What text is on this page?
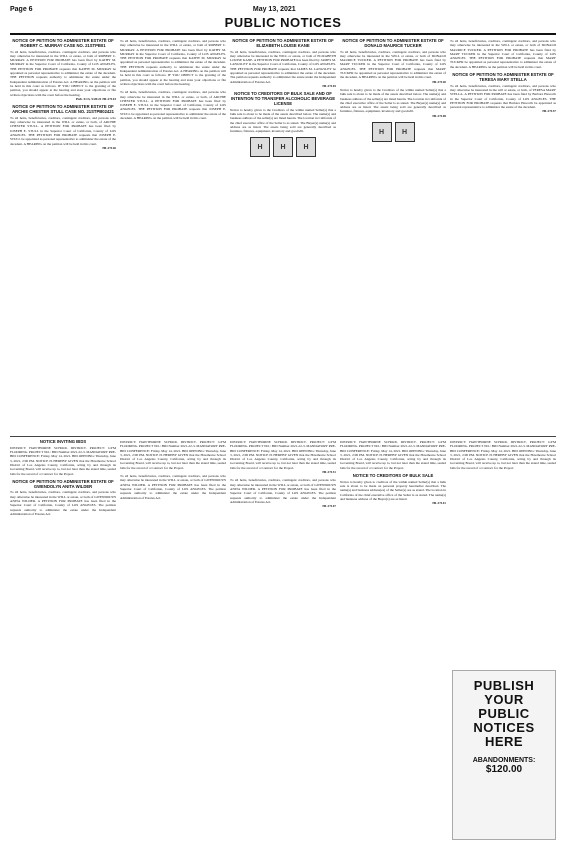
Page 6	May 13, 2021
PUBLIC NOTICES
NOTICE OF PETITION TO ADMINISTER ESTATE OF ROBERT C. MURRAY CASE NO. 21STPB01
To all heirs, beneficiaries, creditors, contingent creditors, and persons who may otherwise be interested in the WILL or estate, or both of ROBERT C. MURRAY. A PETITION FOR PROBATE has been filed by KATHY M. MURRAY in the Superior Court of California, County of LOS ANGELES. THE PETITION FOR PROBATE requests that KATHY M. MURRAY be appointed as personal representative to administer the estate of the decedent. THE PETITION requests authority to administer the estate under the Independent Administration of Estates Act. A HEARING on the petition will be held in this court as follows. IF YOU OBJECT to the granting of the petition, you should appear at the hearing and state your objections or file written objections with the court before the hearing.
Pub. 5/13, 5/20/21 HI-27143
NOTICE OF PETITION TO ADMINISTER ESTATE OF ARCHIE CHESTER STULL CASE NO. 21STPB02421
To all heirs, beneficiaries, creditors, contingent creditors, and persons who may otherwise be interested in the WILL or estate, or both, of ARCHIE CHESTER STULL. A PETITION FOR PROBATE has been filed by JOSEPH E. STULL in the Superior Court of California, County of LOS ANGELES. THE PETITION FOR PROBATE requests that JOSEPH E. STULL be appointed as personal representative to administer the estate of the decedent. A HEARING on the petition will be held in this court.
HI-27126
To all heirs, beneficiaries, creditors, contingent creditors, and persons who may otherwise be interested in the WILL or estate, or both of ROBERT C. MURRAY. A PETITION FOR PROBATE has been filed by KATHY M. MURRAY in the Superior Court of California, County of LOS ANGELES. THE PETITION FOR PROBATE requests that KATHY M. MURRAY be appointed as personal representative to administer the estate of the decedent. THE PETITION requests authority to administer the estate under the Independent Administration of Estates Act. A HEARING on the petition will be held in this court as follows. IF YOU OBJECT to the granting of the petition, you should appear at the hearing and state your objections or file written objections with the court before the hearing.
To all heirs, beneficiaries, creditors, contingent creditors, and persons who may otherwise be interested in the WILL or estate, or both, of ARCHIE CHESTER STULL. A PETITION FOR PROBATE has been filed by JOSEPH E. STULL in the Superior Court of California, County of LOS ANGELES. THE PETITION FOR PROBATE requests that JOSEPH E. STULL be appointed as personal representative to administer the estate of the decedent. A HEARING on the petition will be held in this court.
NOTICE OF PETITION TO ADMINISTER ESTATE OF ELIZABETH LOUISE KANE
To all heirs, beneficiaries, creditors, contingent creditors, and persons who may otherwise be interested in the WILL or estate, or both of ELIZABETH LOUISE KANE. A PETITION FOR PROBATE has been filed by JAMES M. LANGSLEY in the Superior Court of California, County of LOS ANGELES. THE PETITION FOR PROBATE requests that JAMES M. LANGSLEY be appointed as personal representative to administer the estate of the decedent. The petition requests authority to administer the estate under the Independent Administration of Estates Act.
HI-27145
NOTICE TO CREDITORS OF BULK SALE AND OF INTENTION TO TRANSFER ALCOHOLIC BEVERAGE LICENSE
Notice is hereby given to the Creditors of the within named Seller(s) that a bulk sale is about to be made of the assets described below. The name(s) and business address of the seller(s) are listed herein. The location in California of the chief executive office of the Seller is as stated. The Buyer(s) name(s) and address are as listed. The assets being sold are generally described as furniture, fixtures, equipment, inventory and goodwill.
H	H	H
NOTICE OF PETITION TO ADMINISTER ESTATE OF DONALD MAURICE TUCKER
To all heirs, beneficiaries, creditors, contingent creditors, and persons who may otherwise be interested in the WILL or estate, or both of DONALD MAURICE TUCKER. A PETITION FOR PROBATE has been filed by MARY TUCKER in the Superior Court of California, County of LOS ANGELES. THE PETITION FOR PROBATE requests that MARY TUCKER be appointed as personal representative to administer the estate of the decedent. A HEARING on the petition will be held in this court.
HI-27120
Notice is hereby given to the Creditors of the within named Seller(s) that a bulk sale is about to be made of the assets described below. The name(s) and business address of the seller(s) are listed herein. The location in California of the chief executive office of the Seller is as stated. The Buyer(s) name(s) and address are as listed. The assets being sold are generally described as furniture, fixtures, equipment, inventory and goodwill.
HI-27148
H	H
To all heirs, beneficiaries, creditors, contingent creditors, and persons who may otherwise be interested in the WILL or estate, or both of DONALD MAURICE TUCKER. A PETITION FOR PROBATE has been filed by MARY TUCKER in the Superior Court of California, County of LOS ANGELES. THE PETITION FOR PROBATE requests that MARY TUCKER be appointed as personal representative to administer the estate of the decedent. A HEARING on the petition will be held in this court.
NOTICE OF PETITION TO ADMINISTER ESTATE OF TERESA MARY STELLA
To all heirs, beneficiaries, creditors, contingent creditors, and persons who may otherwise be interested in the will or estate, or both, of TERESA MARY STELLA. A PETITION FOR PROBATE has been filed by Barbara Haworth in the Superior Court of California, County of LOS ANGELES. THE PETITION FOR PROBATE requests that Barbara Haworth be appointed as personal representative to administer the estate of the decedent.
HI-27137
NOTICE INVITING BIDS
DISTRICT: HAWTHORNE SCHOOL DISTRICT. PROJECT: GYM FLOORING. PROJECT NO.: BID Number 2021-22-3. MANDATORY PRE-BID CONFERENCE: Friday, May 14, 2021. BID OPENING: Thursday, June 3, 2021, 2:00 PM. NOTICE IS HEREBY GIVEN that the Hawthorne School District of Los Angeles County, California, acting by and through its Governing Board, will receive up to, but not later than the stated time, sealed bids for the award of a Contract for the Project.
NOTICE OF PETITION TO ADMINISTER ESTATE OF GWENDOLYN ANITA WILDER
To all heirs, beneficiaries, creditors, contingent creditors, and persons who may otherwise be interested in the WILL or estate, or both of GWENDOLYN ANITA WILDER. A PETITION FOR PROBATE has been filed in the Superior Court of California, County of LOS ANGELES. The petition requests authority to administer the estate under the Independent Administration of Estates Act.
DISTRICT: HAWTHORNE SCHOOL DISTRICT. PROJECT: GYM FLOORING. PROJECT NO.: BID Number 2021-22-3. MANDATORY PRE-BID CONFERENCE: Friday, May 14, 2021. BID OPENING: Thursday, June 3, 2021, 2:00 PM. NOTICE IS HEREBY GIVEN that the Hawthorne School District of Los Angeles County, California, acting by and through its Governing Board, will receive up to, but not later than the stated time, sealed bids for the award of a Contract for the Project.
To all heirs, beneficiaries, creditors, contingent creditors, and persons who may otherwise be interested in the WILL or estate, or both of GWENDOLYN ANITA WILDER. A PETITION FOR PROBATE has been filed in the Superior Court of California, County of LOS ANGELES. The petition requests authority to administer the estate under the Independent Administration of Estates Act.
DISTRICT: HAWTHORNE SCHOOL DISTRICT. PROJECT: GYM FLOORING. PROJECT NO.: BID Number 2021-22-3. MANDATORY PRE-BID CONFERENCE: Friday, May 14, 2021. BID OPENING: Thursday, June 3, 2021, 2:00 PM. NOTICE IS HEREBY GIVEN that the Hawthorne School District of Los Angeles County, California, acting by and through its Governing Board, will receive up to, but not later than the stated time, sealed bids for the award of a Contract for the Project.
HI-27131
To all heirs, beneficiaries, creditors, contingent creditors, and persons who may otherwise be interested in the WILL or estate, or both of GWENDOLYN ANITA WILDER. A PETITION FOR PROBATE has been filed in the Superior Court of California, County of LOS ANGELES. The petition requests authority to administer the estate under the Independent Administration of Estates Act.
HI-27147
DISTRICT: HAWTHORNE SCHOOL DISTRICT. PROJECT: GYM FLOORING. PROJECT NO.: BID Number 2021-22-3. MANDATORY PRE-BID CONFERENCE: Friday, May 14, 2021. BID OPENING: Thursday, June 3, 2021, 2:00 PM. NOTICE IS HEREBY GIVEN that the Hawthorne School District of Los Angeles County, California, acting by and through its Governing Board, will receive up to, but not later than the stated time, sealed bids for the award of a Contract for the Project.
NOTICE TO CREDITORS OF BULK SALE
Notice is hereby given to creditors of the within named Seller(s) that a bulk sale is about to be made on personal property hereinafter described. The name(s) and business address(es) of the Seller(s) are as stated. The location in California of the chief executive office of the Seller is as stated. The name(s) and business address of the Buyer(s) are as listed.
HI-27141
DISTRICT: HAWTHORNE SCHOOL DISTRICT. PROJECT: GYM FLOORING. PROJECT NO.: BID Number 2021-22-3. MANDATORY PRE-BID CONFERENCE: Friday, May 14, 2021. BID OPENING: Thursday, June 3, 2021, 2:00 PM. NOTICE IS HEREBY GIVEN that the Hawthorne School District of Los Angeles County, California, acting by and through its Governing Board, will receive up to, but not later than the stated time, sealed bids for the award of a Contract for the Project.
PUBLISH YOUR PUBLIC NOTICES HERE
ABANDONMENTS:
$120.00
